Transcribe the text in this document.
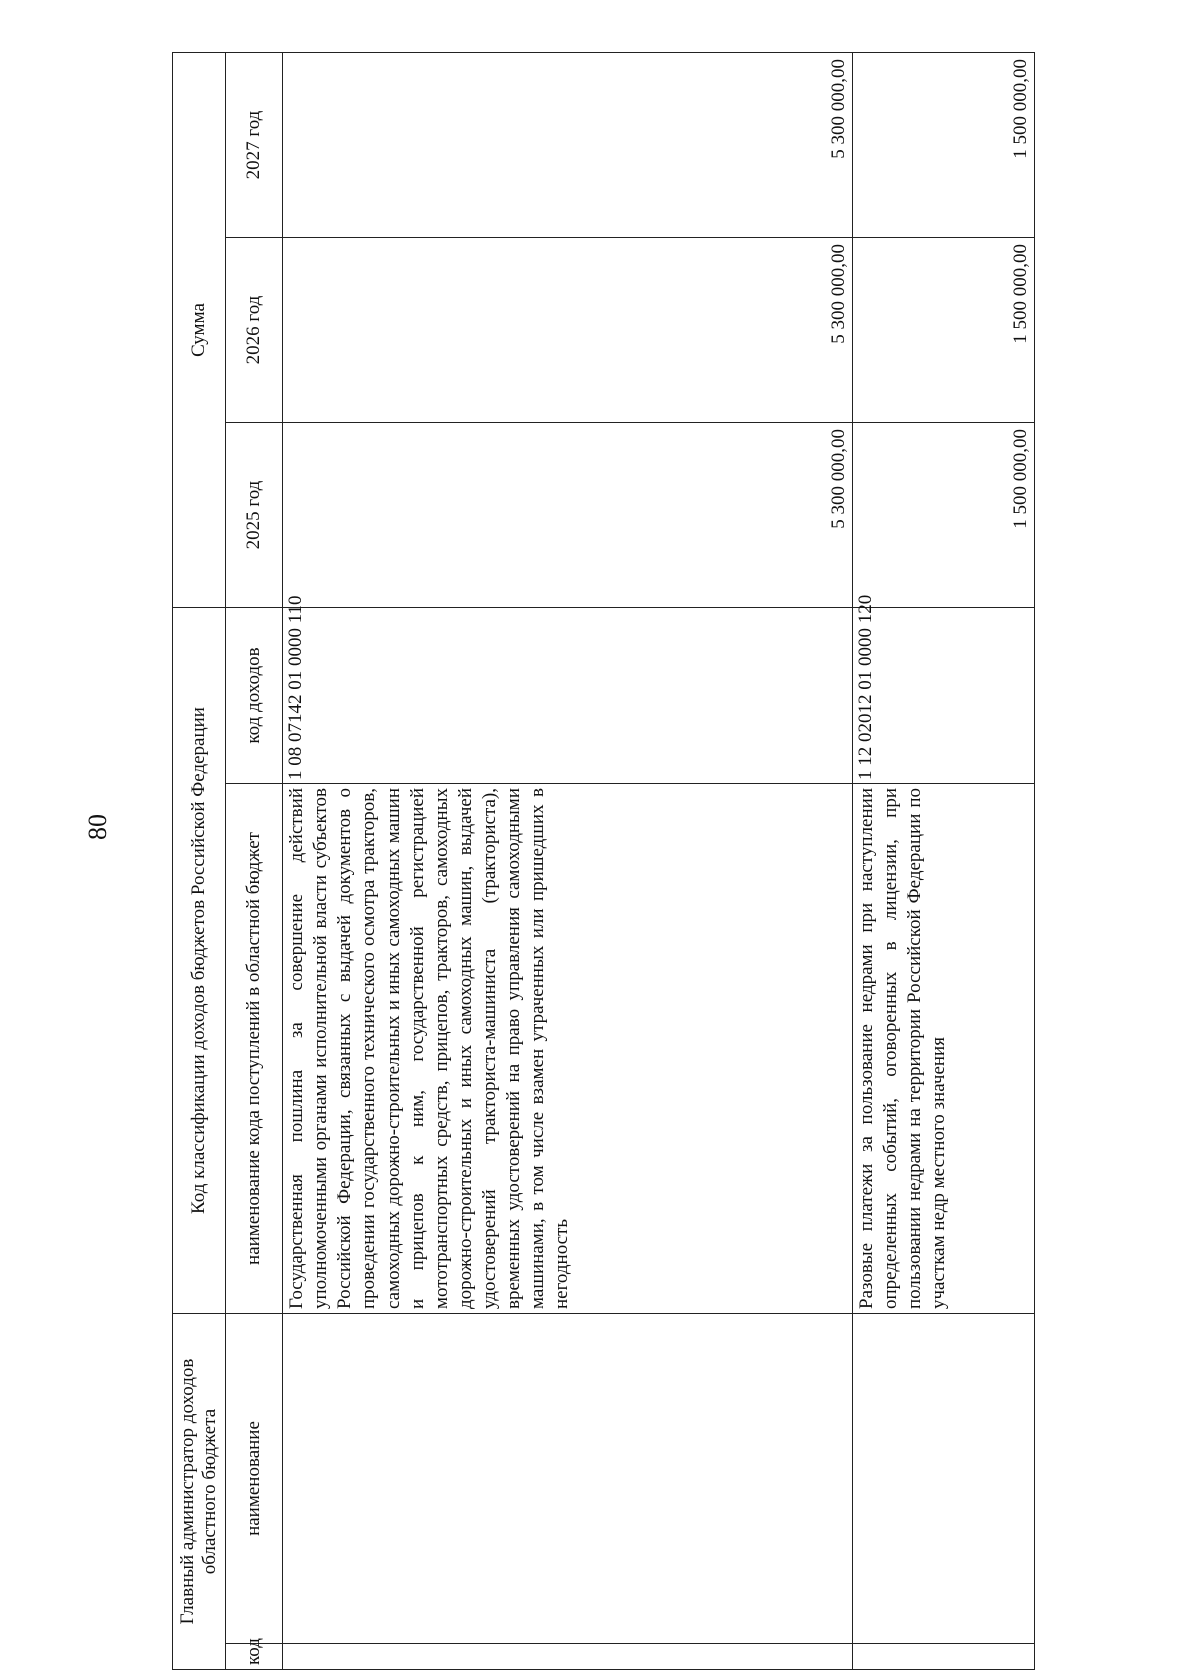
80
Главный администратор доходов областного бюджета		Код классификации доходов бюджетов Российской Федерации		Сумма		
код	наименование	наименование кода поступлений в областной бюджет	код доходов	2025 год	2026 год	2027 год
		Государственная пошлина за совершение действий уполномоченными органами исполнительной власти субъектов Российской Федерации, связанных с выдачей документов о проведении государственного технического осмотра тракторов, самоходных дорожно-строительных и иных самоходных машин и прицепов к ним, государственной регистрацией мототранспортных средств, прицепов, тракторов, самоходных дорожно-строительных и иных самоходных машин, выдачей удостоверений тракториста-машиниста (тракториста), временных удостоверений на право управления самоходными машинами, в том числе взамен утраченных или пришедших в негодность	1 08 07142 01 0000 110	5 300 000,00	5 300 000,00	5 300 000,00
		Разовые платежи за пользование недрами при наступлении определенных событий, оговоренных в лицензии, при пользовании недрами на территории Российской Федерации по участкам недр местного значения	1 12 02012 01 0000 120	1 500 000,00	1 500 000,00	1 500 000,00
